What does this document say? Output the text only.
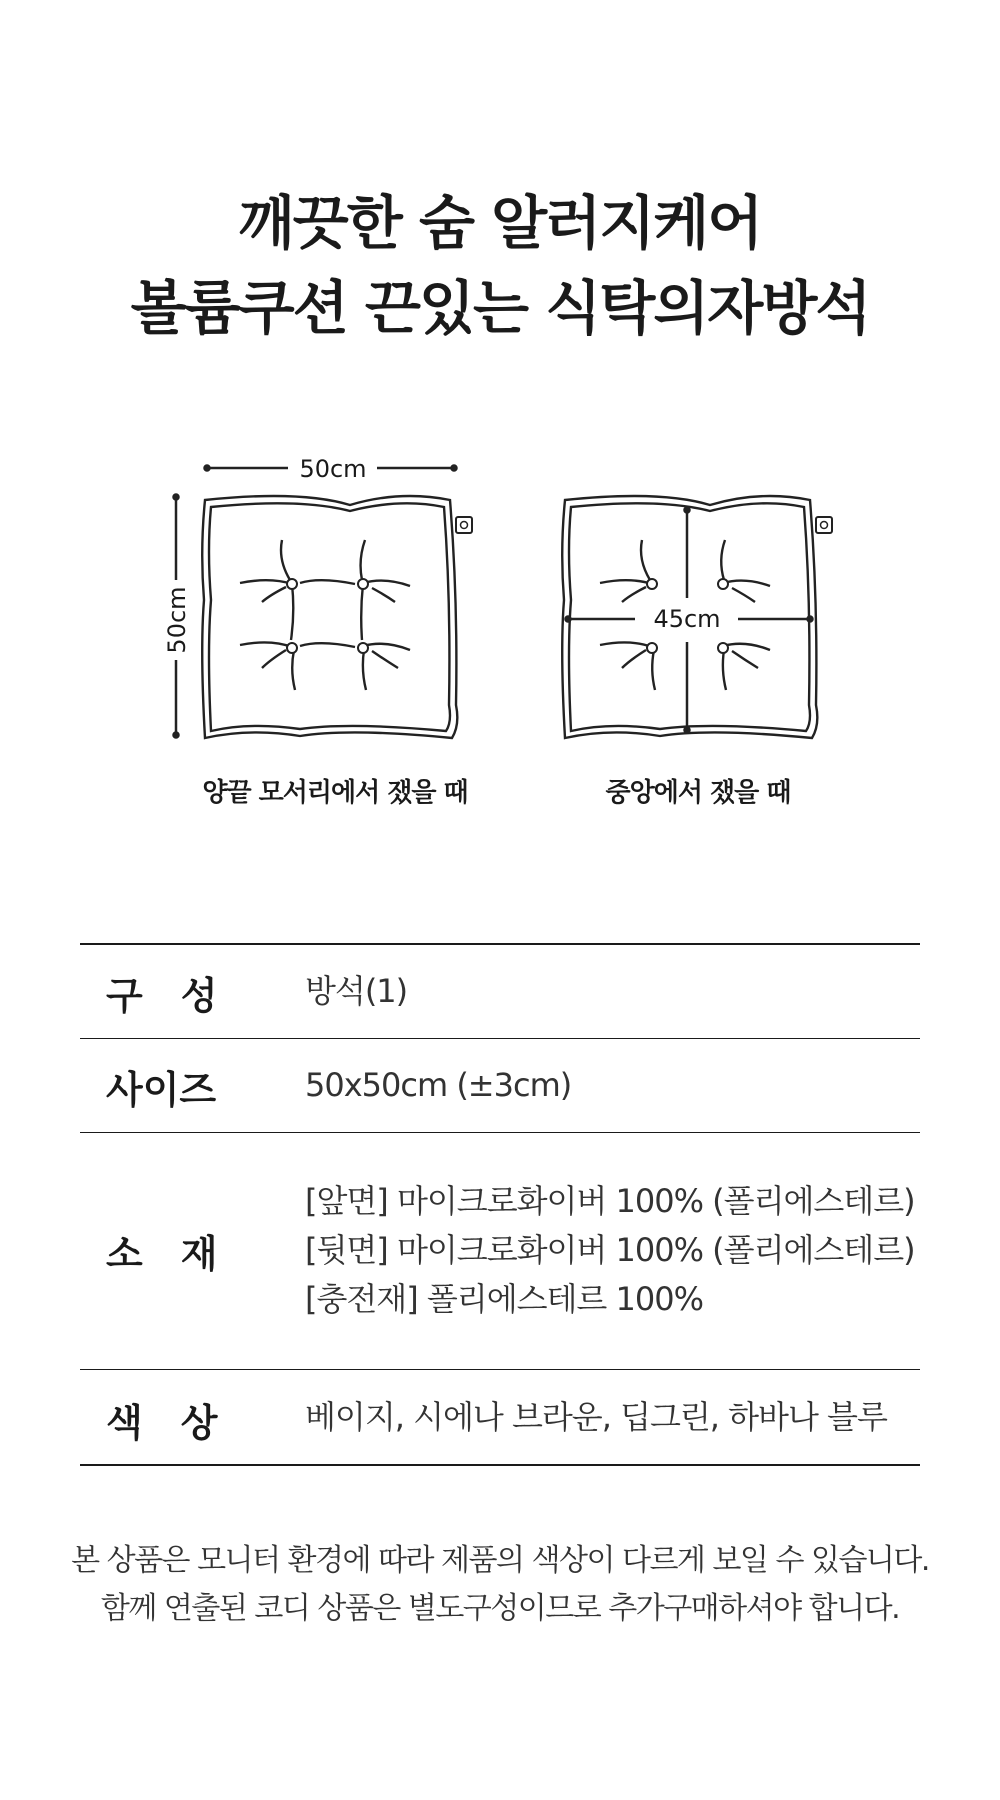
깨끗한 숨 알러지케어
볼륨쿠션 끈있는 식탁의자방석
50cm
50cm	45cm
양끝 모서리에서 쟀을 때	중앙에서 쟀을 때
구　성	방석(1)
사이즈	50x50cm (±3cm)
소　재
[앞면] 마이크로화이버 100% (폴리에스테르)
[뒷면] 마이크로화이버 100% (폴리에스테르)
[충전재] 폴리에스테르 100%
색　상	베이지, 시에나 브라운, 딥그린, 하바나 블루
본 상품은 모니터 환경에 따라 제품의 색상이 다르게 보일 수 있습니다.
함께 연출된 코디 상품은 별도구성이므로 추가구매하셔야 합니다.
